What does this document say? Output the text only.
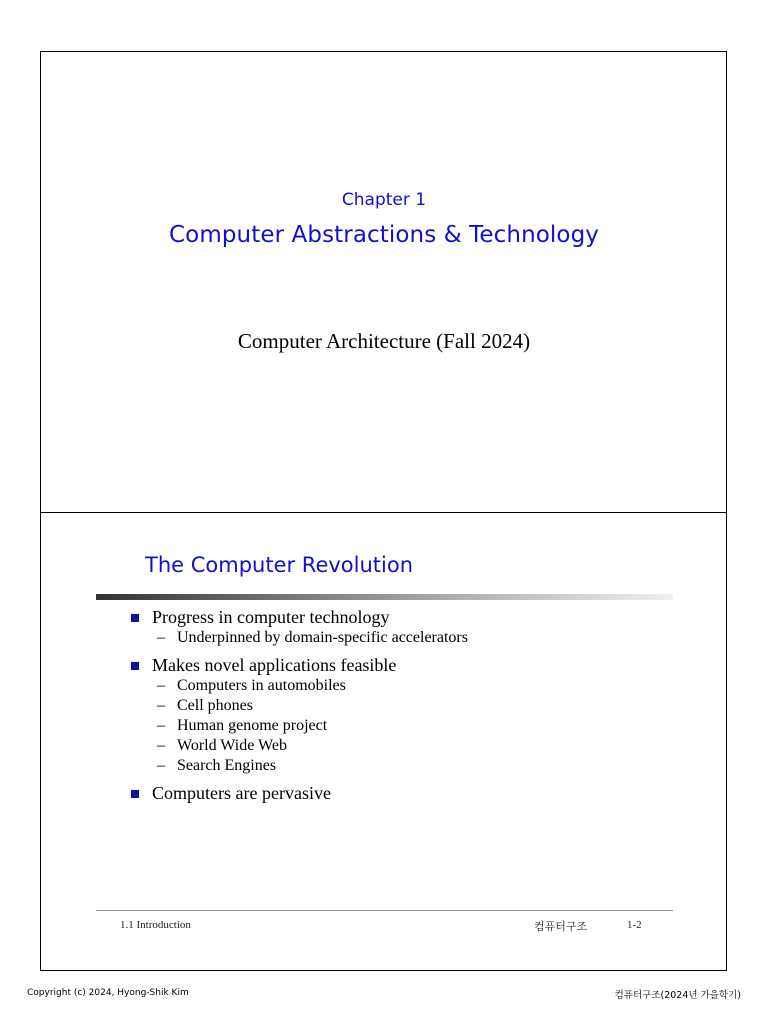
Chapter 1
Computer Abstractions & Technology
Computer Architecture (Fall 2024)
The Computer Revolution
Progress in computer technology
– Underpinned by domain-specific accelerators
Makes novel applications feasible
– Computers in automobiles
– Cell phones
– Human genome project
– World Wide Web
– Search Engines
Computers are pervasive
1.1 Introduction	컴퓨터구조	1-2
Copyright (c) 2024, Hyong-Shik Kim	컴퓨터구조(2024년 가을학기)
